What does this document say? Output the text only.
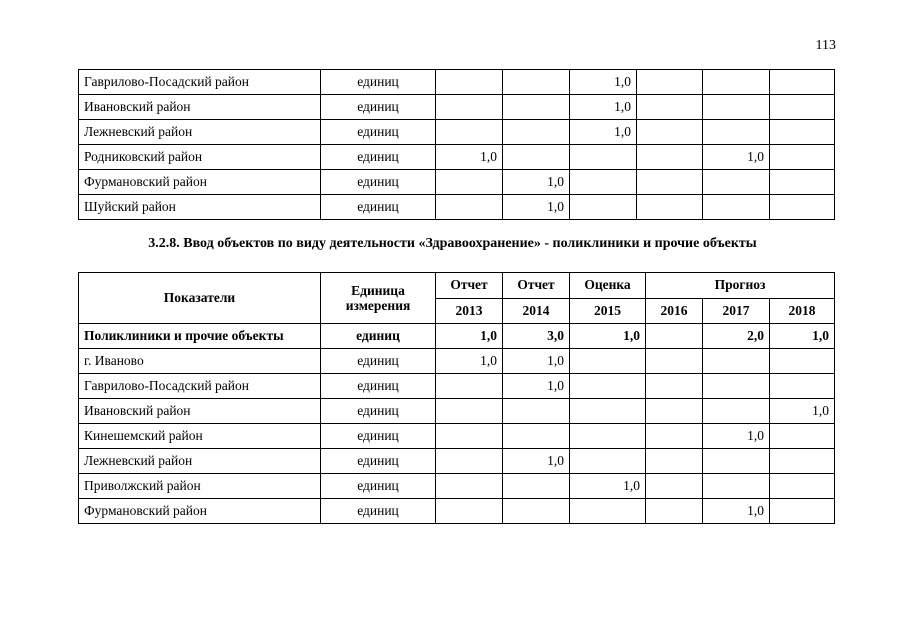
113
Гаврилово-Посадский район	единиц			1,0			
Ивановский район	единиц			1,0			
Лежневский район	единиц			1,0			
Родниковский район	единиц	1,0				1,0	
Фурмановский район	единиц		1,0				
Шуйский район	единиц		1,0				
3.2.8. Ввод объектов по виду деятельности «Здравоохранение» - поликлиники и прочие объекты
Показатели	Единица измерения	Отчет	Отчет	Оценка	Прогноз		
		2013	2014	2015	2016	2017	2018
Поликлиники и прочие объекты	единиц	1,0	3,0	1,0		2,0	1,0
г. Иваново	единиц	1,0	1,0				
Гаврилово-Посадский район	единиц		1,0				
Ивановский район	единиц						1,0
Кинешемский район	единиц					1,0	
Лежневский район	единиц		1,0				
Приволжский район	единиц			1,0			
Фурмановский район	единиц					1,0	
